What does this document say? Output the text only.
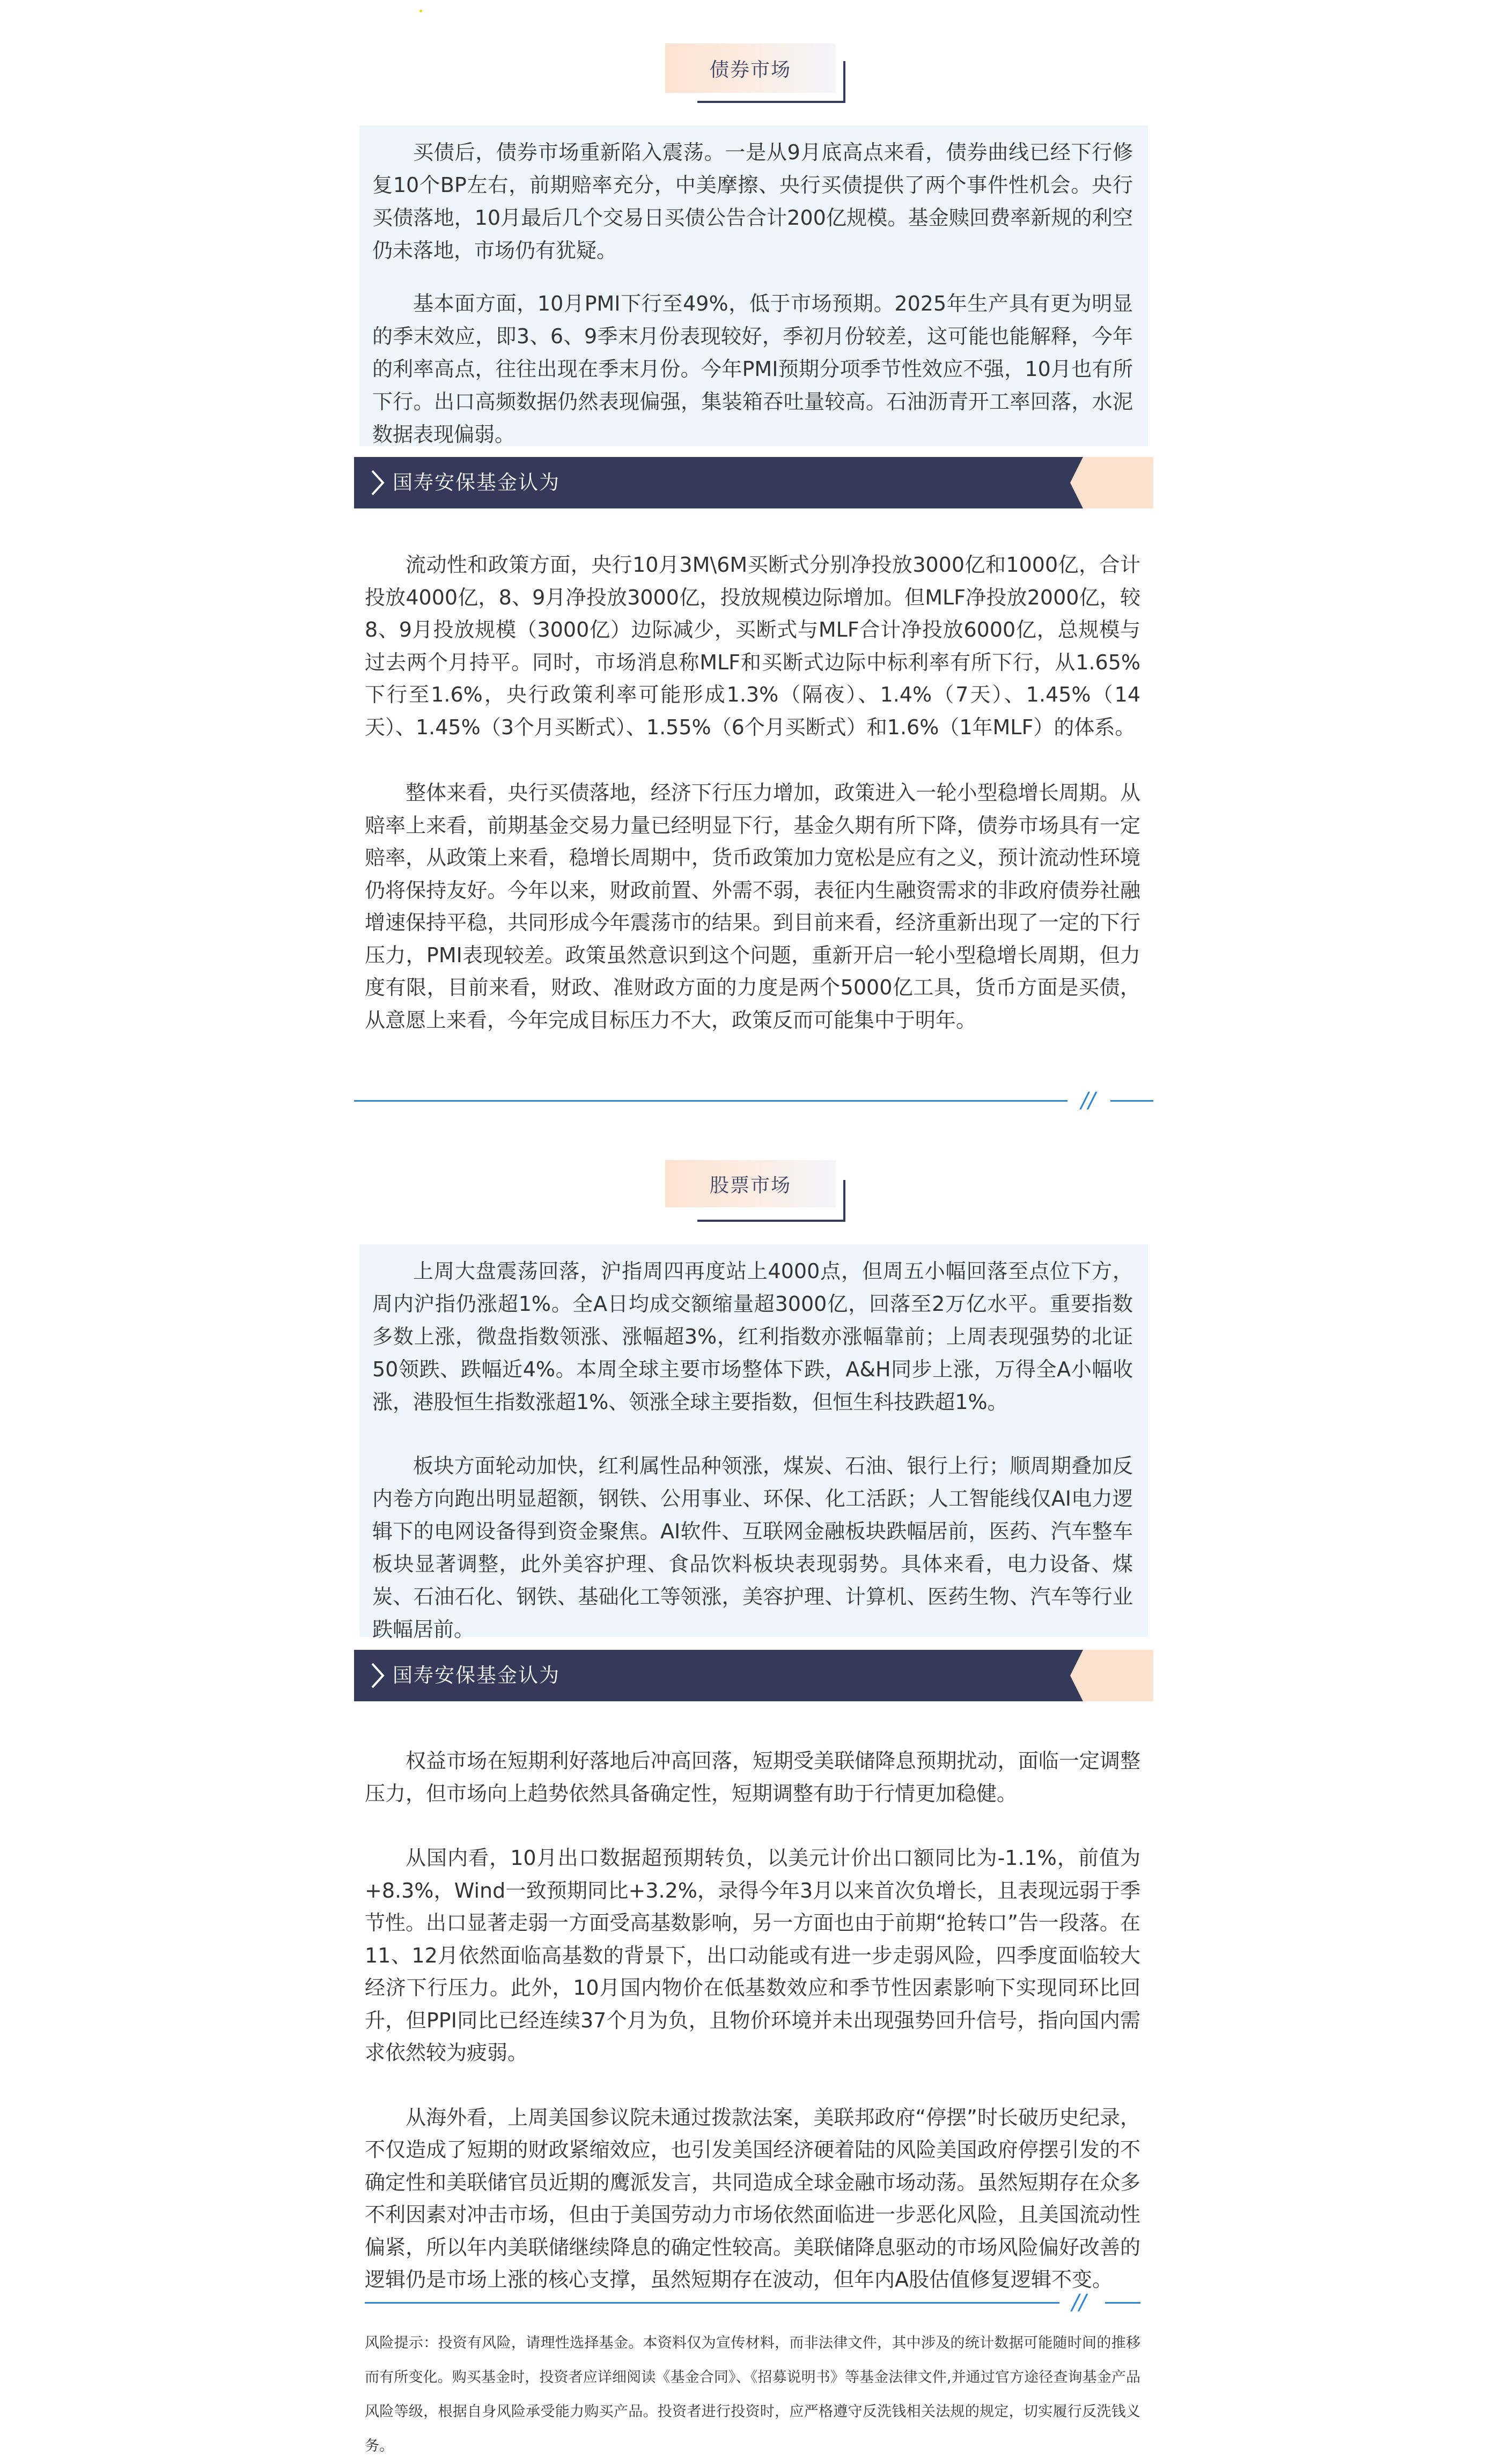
债券市场

买债后，债券市场重新陷入震荡。一是从9月底高点来看，债券曲线已经下行修复10个BP左右，前期赔率充分，中美摩擦、央行买债提供了两个事件性机会。央行买债落地，10月最后几个交易日买债公告合计200亿规模。基金赎回费率新规的利空仍未落地，市场仍有犹疑。

基本面方面，10月PMI下行至49%，低于市场预期。2025年生产具有更为明显的季末效应，即3、6、9季末月份表现较好，季初月份较差，这可能也能解释，今年的利率高点，往往出现在季末月份。今年PMI预期分项季节性效应不强，10月也有所下行。出口高频数据仍然表现偏强，集装箱吞吐量较高。石油沥青开工率回落，水泥数据表现偏弱。

国寿安保基金认为

流动性和政策方面，央行10月3M\6M买断式分别净投放3000亿和1000亿，合计投放4000亿，8、9月净投放3000亿，投放规模边际增加。但MLF净投放2000亿，较8、9月投放规模（3000亿）边际减少，买断式与MLF合计净投放6000亿，总规模与过去两个月持平。同时，市场消息称MLF和买断式边际中标利率有所下行，从1.65%下行至1.6%，央行政策利率可能形成1.3%（隔夜）、1.4%（7天）、1.45%（14天）、1.45%（3个月买断式）、1.55%（6个月买断式）和1.6%（1年MLF）的体系。

整体来看，央行买债落地，经济下行压力增加，政策进入一轮小型稳增长周期。从赔率上来看，前期基金交易力量已经明显下行，基金久期有所下降，债券市场具有一定赔率，从政策上来看，稳增长周期中，货币政策加力宽松是应有之义，预计流动性环境仍将保持友好。今年以来，财政前置、外需不弱，表征内生融资需求的非政府债券社融增速保持平稳，共同形成今年震荡市的结果。到目前来看，经济重新出现了一定的下行压力，PMI表现较差。政策虽然意识到这个问题，重新开启一轮小型稳增长周期，但力度有限，目前来看，财政、准财政方面的力度是两个5000亿工具，货币方面是买债，从意愿上来看，今年完成目标压力不大，政策反而可能集中于明年。

//
股票市场

上周大盘震荡回落，沪指周四再度站上4000点，但周五小幅回落至点位下方，周内沪指仍涨超1%。全A日均成交额缩量超3000亿，回落至2万亿水平。重要指数多数上涨，微盘指数领涨、涨幅超3%，红利指数亦涨幅靠前；上周表现强势的北证50领跌、跌幅近4%。本周全球主要市场整体下跌，A&H同步上涨，万得全A小幅收涨，港股恒生指数涨超1%、领涨全球主要指数，但恒生科技跌超1%。

板块方面轮动加快，红利属性品种领涨，煤炭、石油、银行上行；顺周期叠加反内卷方向跑出明显超额，钢铁、公用事业、环保、化工活跃；人工智能线仅AI电力逻辑下的电网设备得到资金聚焦。AI软件、互联网金融板块跌幅居前，医药、汽车整车板块显著调整，此外美容护理、食品饮料板块表现弱势。具体来看，电力设备、煤炭、石油石化、钢铁、基础化工等领涨，美容护理、计算机、医药生物、汽车等行业跌幅居前。

国寿安保基金认为

权益市场在短期利好落地后冲高回落，短期受美联储降息预期扰动，面临一定调整压力，但市场向上趋势依然具备确定性，短期调整有助于行情更加稳健。

从国内看，10月出口数据超预期转负，以美元计价出口额同比为-1.1%，前值为+8.3%，Wind一致预期同比+3.2%，录得今年3月以来首次负增长，且表现远弱于季节性。出口显著走弱一方面受高基数影响，另一方面也由于前期“抢转口”告一段落。在11、12月依然面临高基数的背景下，出口动能或有进一步走弱风险，四季度面临较大经济下行压力。此外，10月国内物价在低基数效应和季节性因素影响下实现同环比回升，但PPI同比已经连续37个月为负，且物价环境并未出现强势回升信号，指向国内需求依然较为疲弱。

从海外看，上周美国参议院未通过拨款法案，美联邦政府“停摆”时长破历史纪录，不仅造成了短期的财政紧缩效应，也引发美国经济硬着陆的风险美国政府停摆引发的不确定性和美联储官员近期的鹰派发言，共同造成全球金融市场动荡。虽然短期存在众多不利因素对冲击市场，但由于美国劳动力市场依然面临进一步恶化风险，且美国流动性偏紧，所以年内美联储继续降息的确定性较高。美联储降息驱动的市场风险偏好改善的逻辑仍是市场上涨的核心支撑，虽然短期存在波动，但年内A股估值修复逻辑不变。

//

风险提示：投资有风险，请理性选择基金。本资料仅为宣传材料，而非法律文件，其中涉及的统计数据可能随时间的推移而有所变化。购买基金时，投资者应详细阅读《基金合同》、《招募说明书》等基金法律文件,并通过官方途径查询基金产品风险等级，根据自身风险承受能力购买产品。投资者进行投资时，应严格遵守反洗钱相关法规的规定，切实履行反洗钱义务。
